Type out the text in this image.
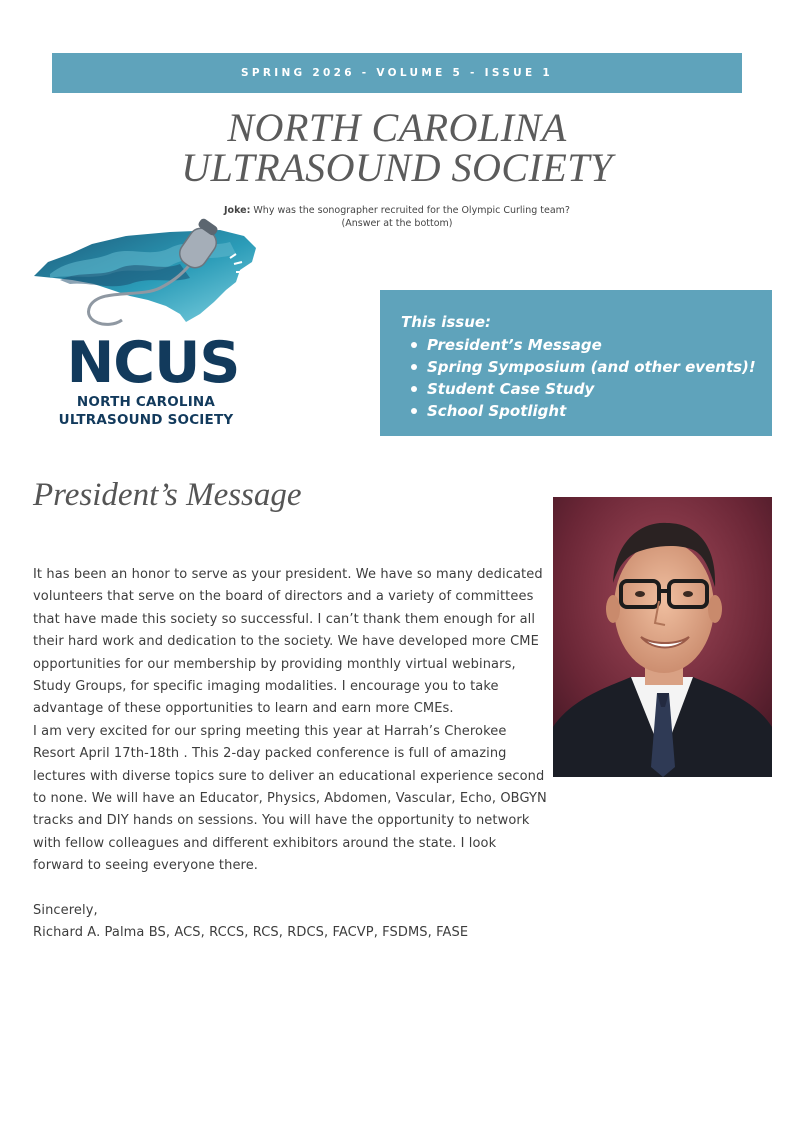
SPRING 2026 - VOLUME 5 - ISSUE 1
NORTH CAROLINA
ULTRASOUND SOCIETY
Joke: Why was the sonographer recruited for the Olympic Curling team?
(Answer at the bottom)
NCUS
NORTH CAROLINA
ULTRASOUND SOCIETY
This issue:
President’s Message
Spring Symposium (and other events)!
Student Case Study
School Spotlight
President’s Message

It has been an honor to serve as your president. We have so many dedicated volunteers that serve on the board of directors and a variety of committees that have made this society so successful. I can’t thank them enough for all their hard work and dedication to the society. We have developed more CME opportunities for our membership by providing monthly virtual webinars, Study Groups, for specific imaging modalities. I encourage you to take advantage of these opportunities to learn and earn more CMEs.

I am very excited for our spring meeting this year at Harrah’s Cherokee Resort April 17th-18th . This 2-day packed conference is full of amazing lectures with diverse topics sure to deliver an educational experience second to none. We will have an Educator, Physics, Abdomen, Vascular, Echo, OBGYN tracks and DIY hands on sessions. You will have the opportunity to network with fellow colleagues and different exhibitors around the state. I look forward to seeing everyone there.

Sincerely,

Richard A. Palma BS, ACS, RCCS, RCS, RDCS, FACVP, FSDMS, FASE
